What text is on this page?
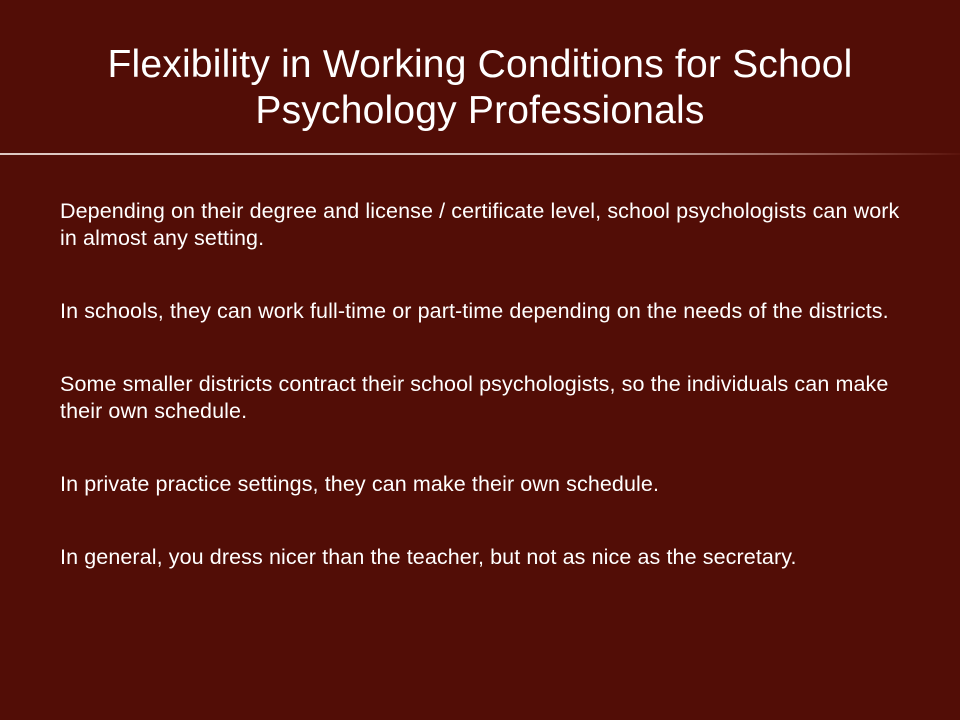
Flexibility in Working Conditions for School Psychology Professionals
Depending on their degree and license / certificate level, school psychologists can work in almost any setting.
In schools, they can work full-time or part-time depending on the needs of the districts.
Some smaller districts contract their school psychologists, so the individuals can make their own schedule.
In private practice settings, they can make their own schedule.
In general, you dress nicer than the teacher, but not as nice as the secretary.
